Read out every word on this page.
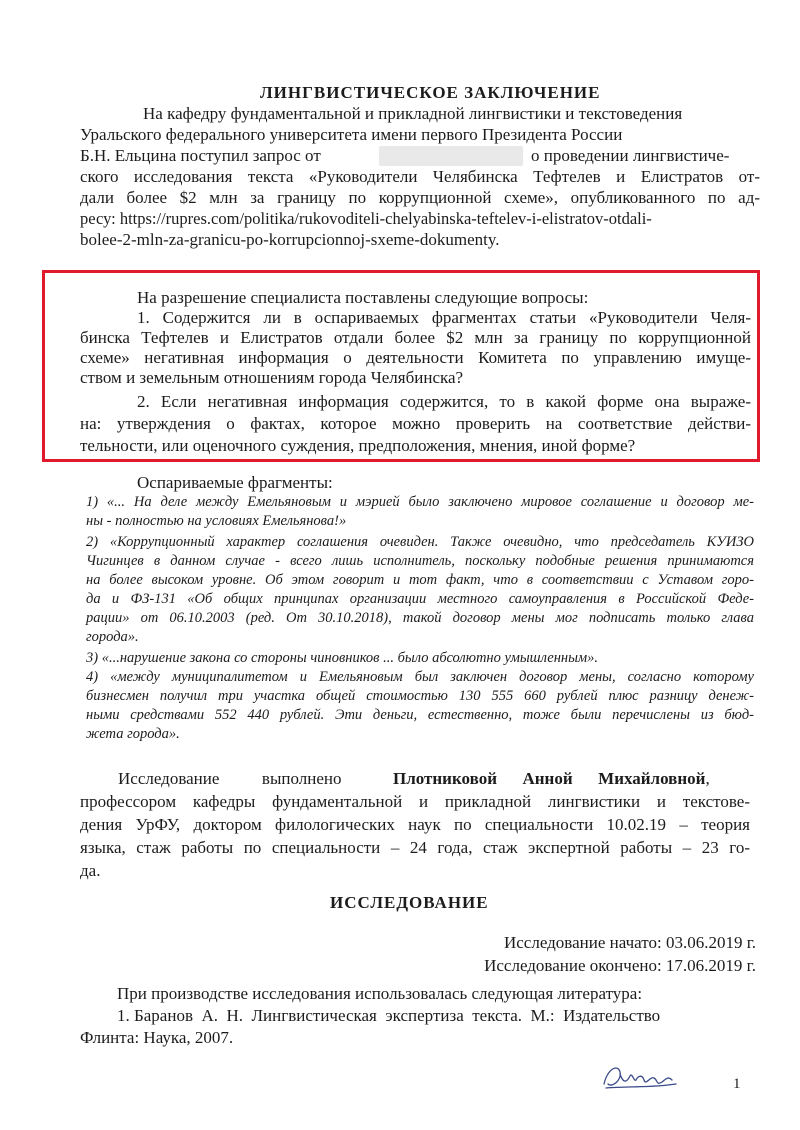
ЛИНГВИСТИЧЕСКОЕ ЗАКЛЮЧЕНИЕ
На кафедру фундаментальной и прикладной лингвистики и текстоведения
Уральского федерального университета имени первого Президента России
Б.Н. Ельцина поступил запрос от	о проведении лингвистиче-
ского исследования текста «Руководители Челябинска Тефтелев и Елистратов от-
дали более $2 млн за границу по коррупционной схеме», опубликованного по ад-
ресу: https://rupres.com/politika/rukovoditeli-chelyabinska-teftelev-i-elistratov-otdali-
bolee-2-mln-za-granicu-po-korrupcionnoj-sxeme-dokumenty.
На разрешение специалиста поставлены следующие вопросы:
1. Содержится ли в оспариваемых фрагментах статьи «Руководители Челя-
бинска Тефтелев и Елистратов отдали более $2 млн за границу по коррупционной
схеме» негативная информация о деятельности Комитета по управлению имуще-
ством и земельным отношениям города Челябинска?
2. Если негативная информация содержится, то в какой форме она выраже-
на: утверждения о фактах, которое можно проверить на соответствие действи-
тельности, или оценочного суждения, предположения, мнения, иной форме?
Оспариваемые фрагменты:
1) «... На деле между Емельяновым и мэрией было заключено мировое соглашение и договор ме-
ны - полностью на условиях Емельянова!»
2) «Коррупционный характер соглашения очевиден. Также очевидно, что председатель КУИЗО
Чигинцев в данном случае - всего лишь исполнитель, поскольку подобные решения принимаются
на более высоком уровне. Об этом говорит и тот факт, что в соответствии с Уставом горо-
да и ФЗ-131 «Об общих принципах организации местного самоуправления в Российской Феде-
рации» от 06.10.2003 (ред. От 30.10.2018), такой договор мены мог подписать только глава
города».
3) «...нарушение закона со стороны чиновников ... было абсолютно умышленным».
4) «между муниципалитетом и Емельяновым был заключен договор мены, согласно которому
бизнесмен получил три участка общей стоимостью 130 555 660 рублей плюс разницу денеж-
ными средствами 552 440 рублей. Эти деньги, естественно, тоже были перечислены из бюд-
жета города».
Исследование          выполнено	Плотниковой      Анной      Михайловной,
профессором кафедры фундаментальной и прикладной лингвистики и текстове-
дения УрФУ, доктором филологических наук по специальности 10.02.19 – теория
языка, стаж работы по специальности – 24 года, стаж экспертной работы – 23 го-
да.
ИССЛЕДОВАНИЕ
Исследование начато: 03.06.2019 г.
Исследование окончено: 17.06.2019 г.
При производстве исследования использовалась следующая литература:
1. Баранов  А.  Н.  Лингвистическая  экспертиза  текста.  М.:  Издательство
Флинта: Наука, 2007.
1
